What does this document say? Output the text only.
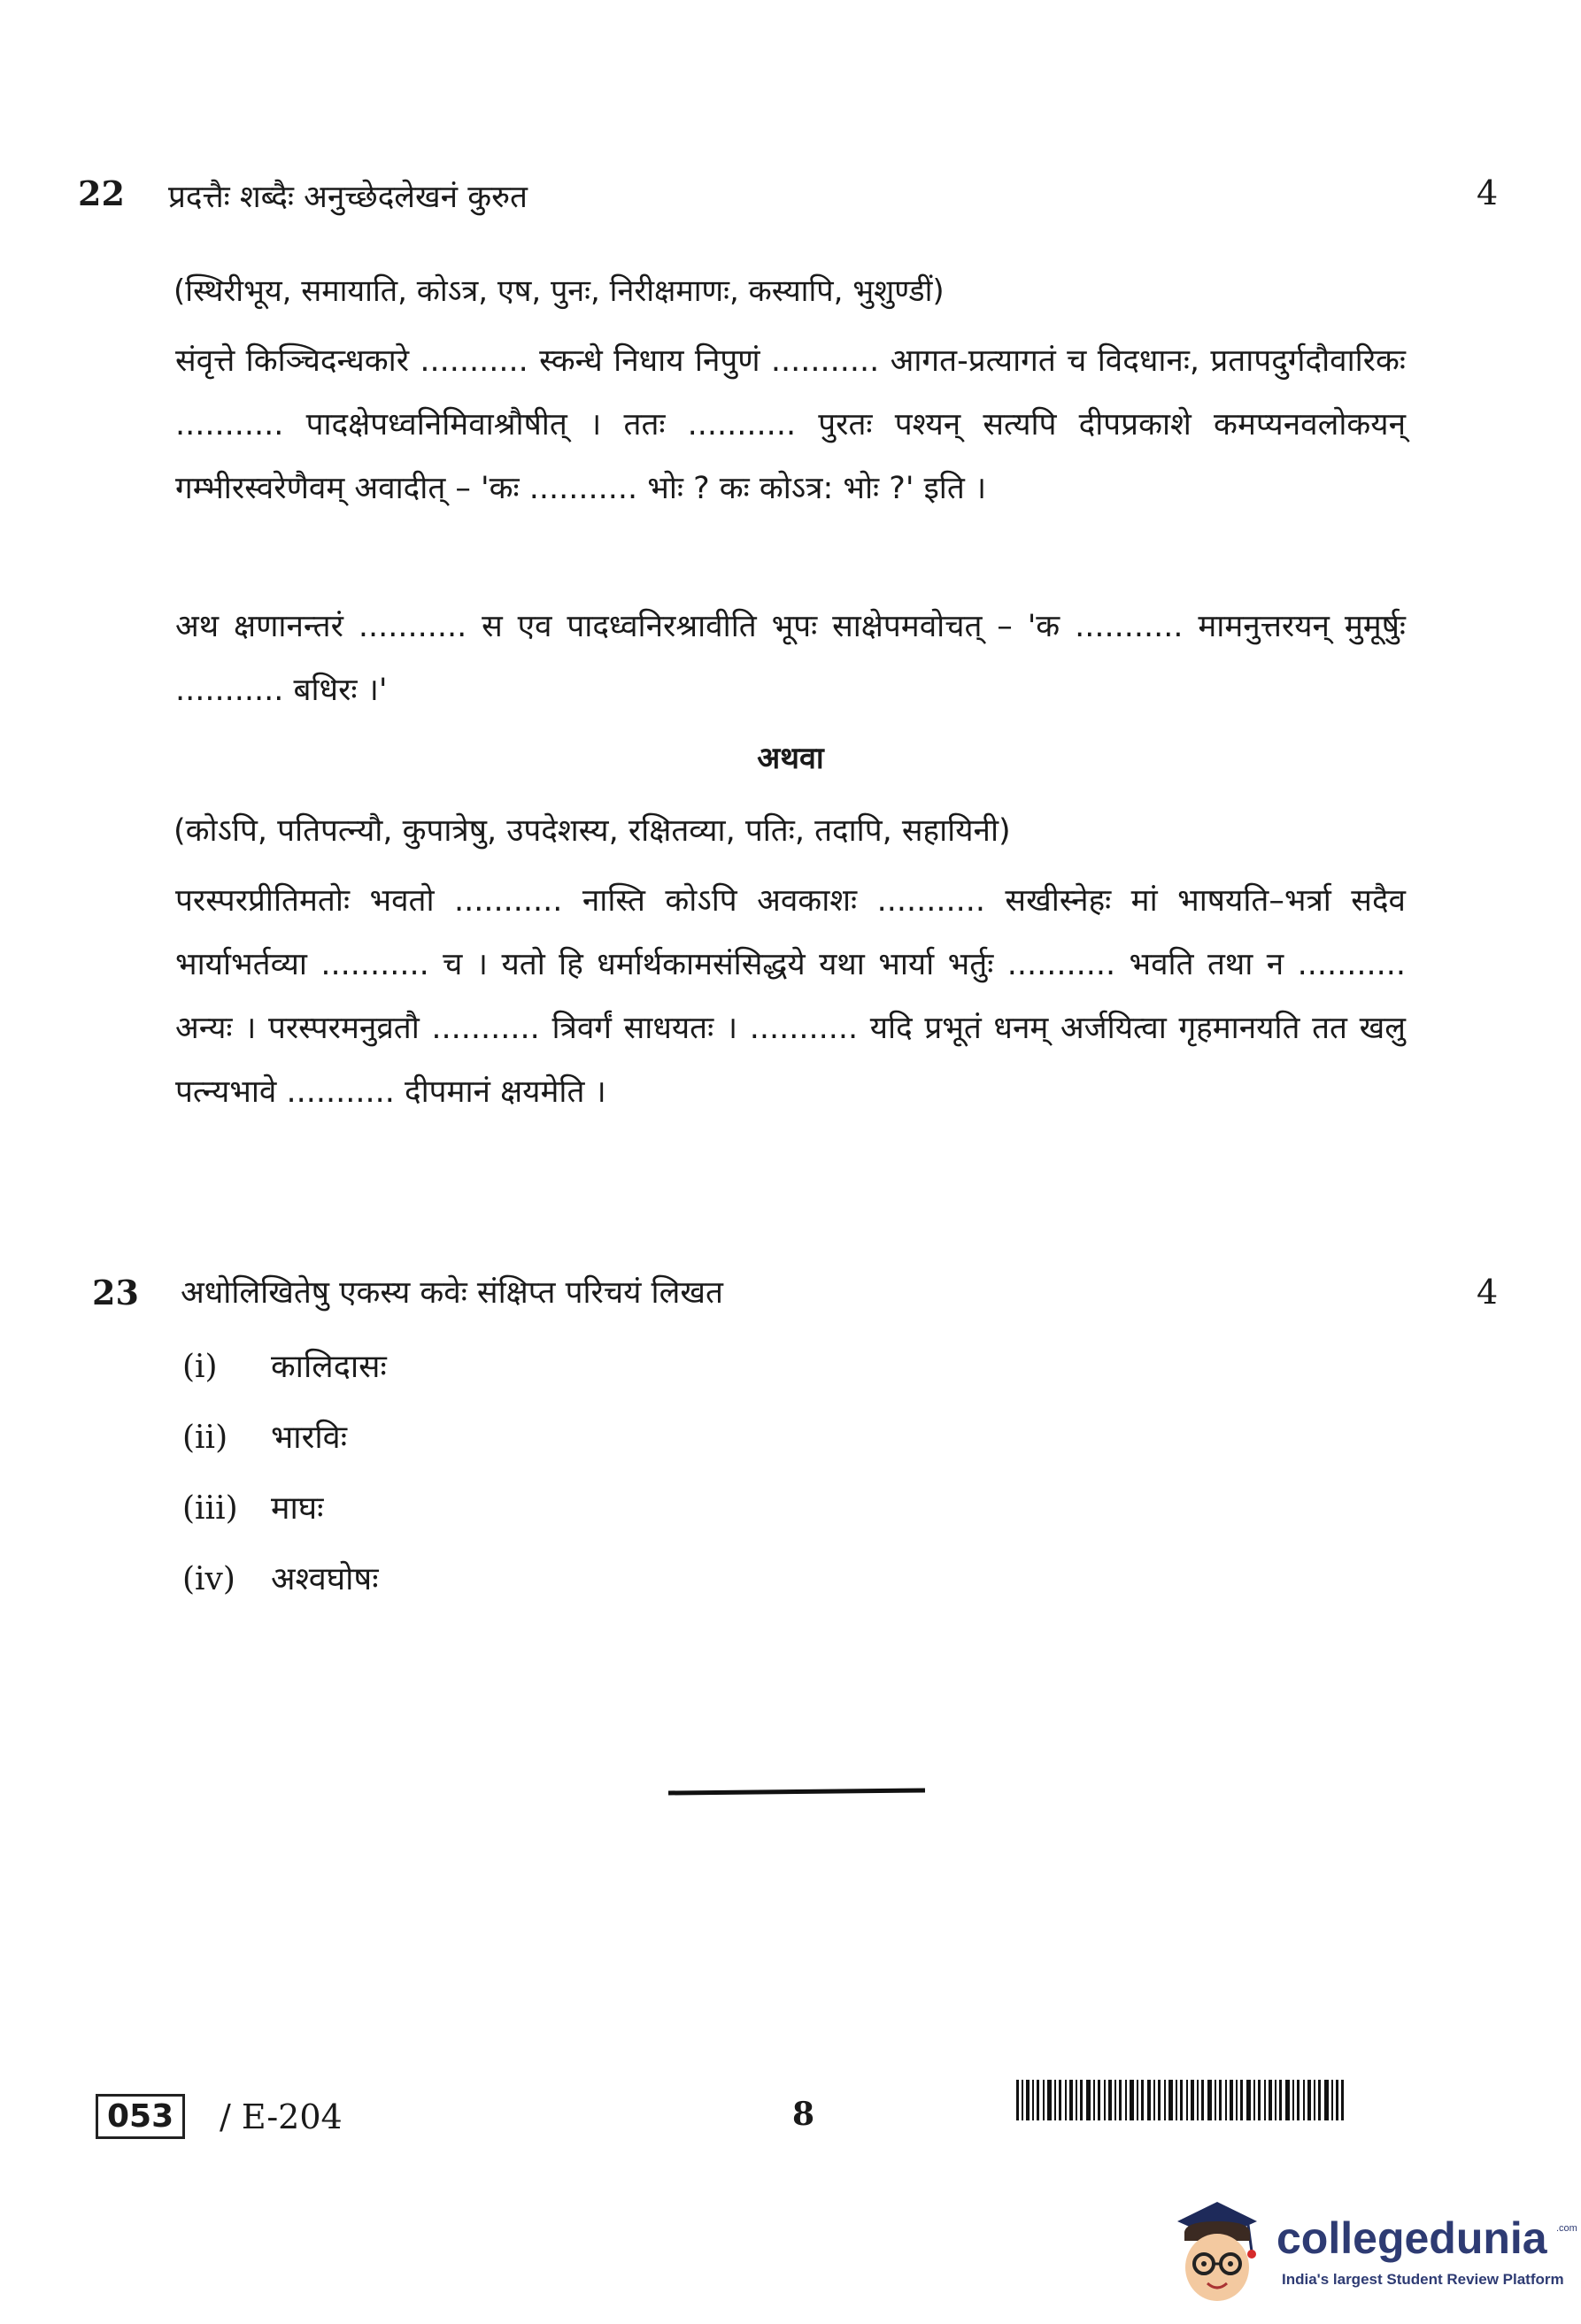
22 प्रदत्तैः शब्दैः अनुच्छेदलेखनं कुरुत	4
(स्थिरीभूय, समायाति, कोऽत्र, एष, पुनः, निरीक्षमाणः, कस्यापि, भुशुण्डीं)
संवृत्ते किञ्चिदन्धकारे ........... स्कन्धे निधाय निपुणं ........... आगत-प्रत्यागतं च विदधानः, प्रतापदुर्गदौवारिकः ........... पादक्षेपध्वनिमिवाश्रौषीत् । ततः ........... पुरतः पश्यन् सत्यपि दीपप्रकाशे कमप्यनवलोकयन् गम्भीरस्वरेणैवम् अवादीत् – 'कः ........... भोः ? कः कोऽत्र: भोः ?' इति ।
अथ क्षणानन्तरं ........... स एव पादध्वनिरश्रावीति भूपः साक्षेपमवोचत् – 'क ........... मामनुत्तरयन् मुमूर्षुः ........... बधिरः ।'
अथवा
(कोऽपि, पतिपत्न्यौ, कुपात्रेषु, उपदेशस्य, रक्षितव्या, पतिः, तदापि, सहायिनी)
परस्परप्रीतिमतोः भवतो ........... नास्ति कोऽपि अवकाशः ........... सखीस्नेहः मां भाषयति–भर्त्रा सदैव भार्याभर्तव्या ........... च । यतो हि धर्मार्थकामसंसिद्धये यथा भार्या भर्तुः ........... भवति तथा न ........... अन्यः । परस्परमनुव्रतौ ........... त्रिवर्गं साधयतः । ........... यदि प्रभूतं धनम् अर्जयित्वा गृहमानयति तत खलु पत्न्यभावे ........... दीपमानं क्षयमेति ।
23 अधोलिखितेषु एकस्य कवेः संक्षिप्त परिचयं लिखत	4
(i) कालिदासः
(ii) भारविः
(iii) माघः
(iv) अश्वघोषः
053	/ E-204	8
collegedunia .com
India's largest Student Review Platform
